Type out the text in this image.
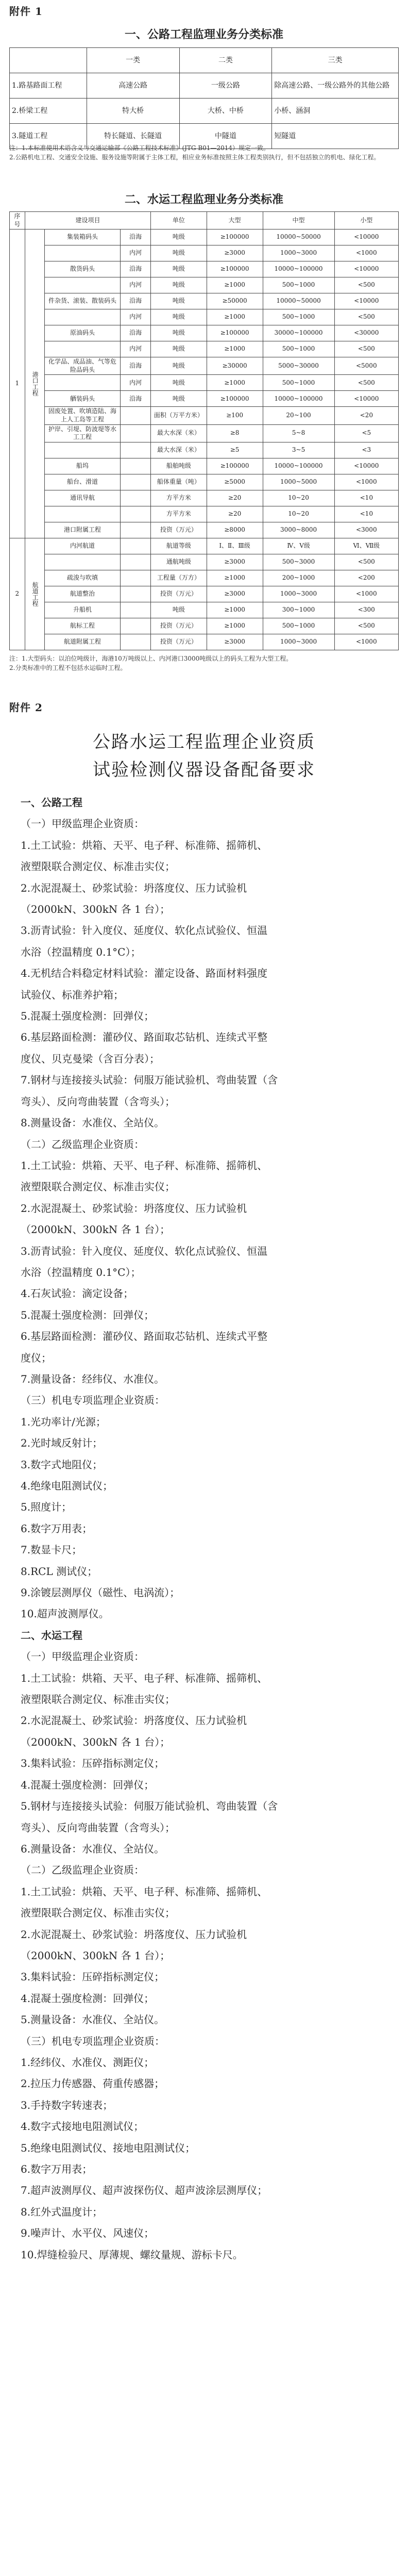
附件 1
一、公路工程监理业务分类标准
	一类	二类	三类
1.路基路面工程	高速公路	一级公路	除高速公路、一级公路外的其他公路
2.桥梁工程	特大桥	大桥、中桥	小桥、涵洞
3.隧道工程	特长隧道、长隧道	中隧道	短隧道
注：1.本标准使用术语含义与交通运输部《公路工程技术标准》(JTG B01—2014）规定一致。
2.公路机电工程、交通安全设施、服务设施等附属于主体工程，相应业务标准按照主体工程类别执行，但不包括独立的机电、绿化工程。
二、水运工程监理业务分类标准
序号	建设项目			单位	大型	中型	小型
1	港口工程	集装箱码头	沿海	吨级	≥100000	10000~50000	<10000
			内河	吨级	≥3000	1000~3000	<1000
		散货码头	沿海	吨级	≥100000	10000~100000	<10000
			内河	吨级	≥1000	500~1000	<500
		件杂货、滚装、散装码头	沿海	吨级	≥50000	10000~50000	<10000
			内河	吨级	≥1000	500~1000	<500
		原油码头	沿海	吨级	≥100000	30000~100000	<30000
			内河	吨级	≥1000	500~1000	<500
		化学品、成品油、气等危险品码头	沿海	吨级	≥30000	5000~30000	<5000
			内河	吨级	≥1000	500~1000	<500
		舾装码头	沿海	吨级	≥100000	10000~100000	<10000
		固废处置、吹填造陆、海上人工岛等工程		面积（万平方米）	≥100	20~100	<20
		护岸、引堤、防波堤等水工工程		最大水深（米）	≥8	5~8	<5
				最大水深（米）	≥5	3~5	<3
		船坞		船舶吨级	≥100000	10000~100000	<10000
		船台、滑道		船体重量（吨）	≥5000	1000~5000	<1000
		通讯导航		方平方米	≥20	10~20	<10
				方平方米	≥20	10~20	<10
		港口附属工程		投资（万元）	≥8000	3000~8000	<3000
2	航道工程	内河航道		航道等级	Ⅰ、Ⅱ、Ⅲ级	Ⅳ、Ⅴ级	Ⅵ、Ⅶ级
				通航吨级	≥3000	500~3000	<500
		疏浚与吹填		工程量（万方）	≥1000	200~1000	<200
		航道整治		投资（万元）	≥3000	1000~3000	<1000
		升船机		吨级	≥1000	300~1000	<300
		航标工程		投资（万元）	≥1000	500~1000	<500
		航道附属工程		投资（万元）	≥3000	1000~3000	<1000
注：1.大型码头：以泊位吨级计，海港10万吨级以上、内河港口3000吨级以上的码头工程为大型工程。
2.分类标准中的工程不包括水运临时工程。
附件 2
公路水运工程监理企业资质
试验检测仪器设备配备要求

一、公路工程

（一）甲级监理企业资质：

1.土工试验：烘箱、天平、电子秤、标准筛、摇筛机、

液塑限联合测定仪、标准击实仪；

2.水泥混凝土、砂浆试验：坍落度仪、压力试验机

（2000kN、300kN 各 1 台）；

3.沥青试验：针入度仪、延度仪、软化点试验仪、恒温

水浴（控温精度 0.1°C）；

4.无机结合料稳定材料试验：灌定设备、路面材料强度

试验仪、标准养护箱；

5.混凝土强度检测：回弹仪；

6.基层路面检测：灌砂仪、路面取芯钻机、连续式平整

度仪、贝克曼梁（含百分表）；

7.钢材与连接接头试验：伺服万能试验机、弯曲装置（含

弯头）、反向弯曲装置（含弯头）；

8.测量设备：水准仪、全站仪。

（二）乙级监理企业资质：

1.土工试验：烘箱、天平、电子秤、标准筛、摇筛机、

液塑限联合测定仪、标准击实仪；

2.水泥混凝土、砂浆试验：坍落度仪、压力试验机

（2000kN、300kN 各 1 台）；

3.沥青试验：针入度仪、延度仪、软化点试验仪、恒温

水浴（控温精度 0.1°C）；

4.石灰试验：滴定设备；

5.混凝土强度检测：回弹仪；

6.基层路面检测：灌砂仪、路面取芯钻机、连续式平整

度仪；

7.测量设备：经纬仪、水准仪。

（三）机电专项监理企业资质：

1.光功率计/光源；

2.光时域反射计；

3.数字式地阻仪；

4.绝缘电阻测试仪；

5.照度计；

6.数字万用表；

7.数显卡尺；

8.RCL 测试仪；

9.涂镀层测厚仪（磁性、电涡流）；

10.超声波测厚仪。

二、水运工程

（一）甲级监理企业资质：

1.土工试验：烘箱、天平、电子秤、标准筛、摇筛机、

液塑限联合测定仪、标准击实仪；

2.水泥混凝土、砂浆试验：坍落度仪、压力试验机

（2000kN、300kN 各 1 台）；

3.集料试验：压碎指标测定仪；

4.混凝土强度检测：回弹仪；

5.钢材与连接接头试验：伺服万能试验机、弯曲装置（含

弯头）、反向弯曲装置（含弯头）；

6.测量设备：水准仪、全站仪。

（二）乙级监理企业资质：

1.土工试验：烘箱、天平、电子秤、标准筛、摇筛机、

液塑限联合测定仪、标准击实仪；

2.水泥混凝土、砂浆试验：坍落度仪、压力试验机

（2000kN、300kN 各 1 台）；

3.集料试验：压碎指标测定仪；

4.混凝土强度检测：回弹仪；

5.测量设备：水准仪、全站仪。

（三）机电专项监理企业资质：

1.经纬仪、水准仪、测距仪；

2.拉压力传感器、荷重传感器；

3.手持数字转速表；

4.数字式接地电阻测试仪；

5.绝缘电阻测试仪、接地电阻测试仪；

6.数字万用表；

7.超声波测厚仪、超声波探伤仪、超声波涂层测厚仪；

8.红外式温度计；

9.噪声计、水平仪、风速仪；

10.焊缝检验尺、厚薄规、螺纹量规、游标卡尺。
